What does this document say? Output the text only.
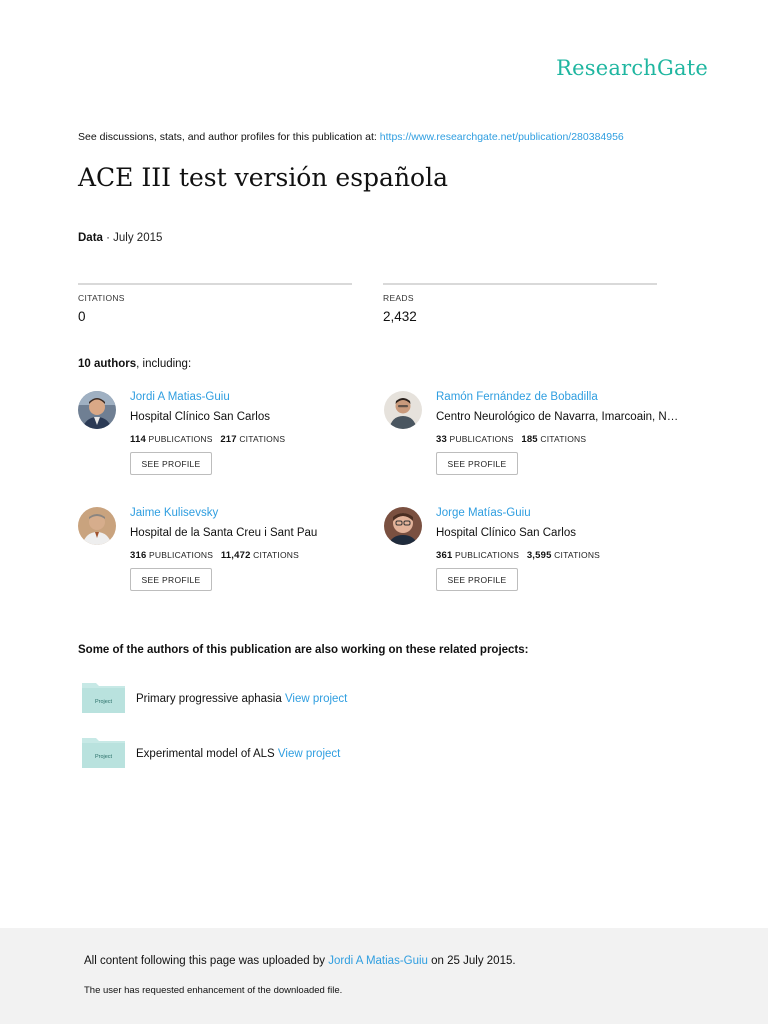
ResearchGate
See discussions, stats, and author profiles for this publication at: https://www.researchgate.net/publication/280384956
ACE III test versión española
Data · July 2015
CITATIONS
0
READS
2,432
10 authors, including:
Jordi A Matias-Guiu
Hospital Clínico San Carlos
114 PUBLICATIONS 217 CITATIONS
SEE PROFILE
Ramón Fernández de Bobadilla
Centro Neurológico de Navarra, Imarcoain, N…
33 PUBLICATIONS 185 CITATIONS
SEE PROFILE
Jaime Kulisevsky
Hospital de la Santa Creu i Sant Pau
316 PUBLICATIONS 11,472 CITATIONS
SEE PROFILE
Jorge Matías-Guiu
Hospital Clínico San Carlos
361 PUBLICATIONS 3,595 CITATIONS
SEE PROFILE
Some of the authors of this publication are also working on these related projects:
Project Primary progressive aphasia View project
Project Experimental model of ALS View project
All content following this page was uploaded by Jordi A Matias-Guiu on 25 July 2015.
The user has requested enhancement of the downloaded file.
